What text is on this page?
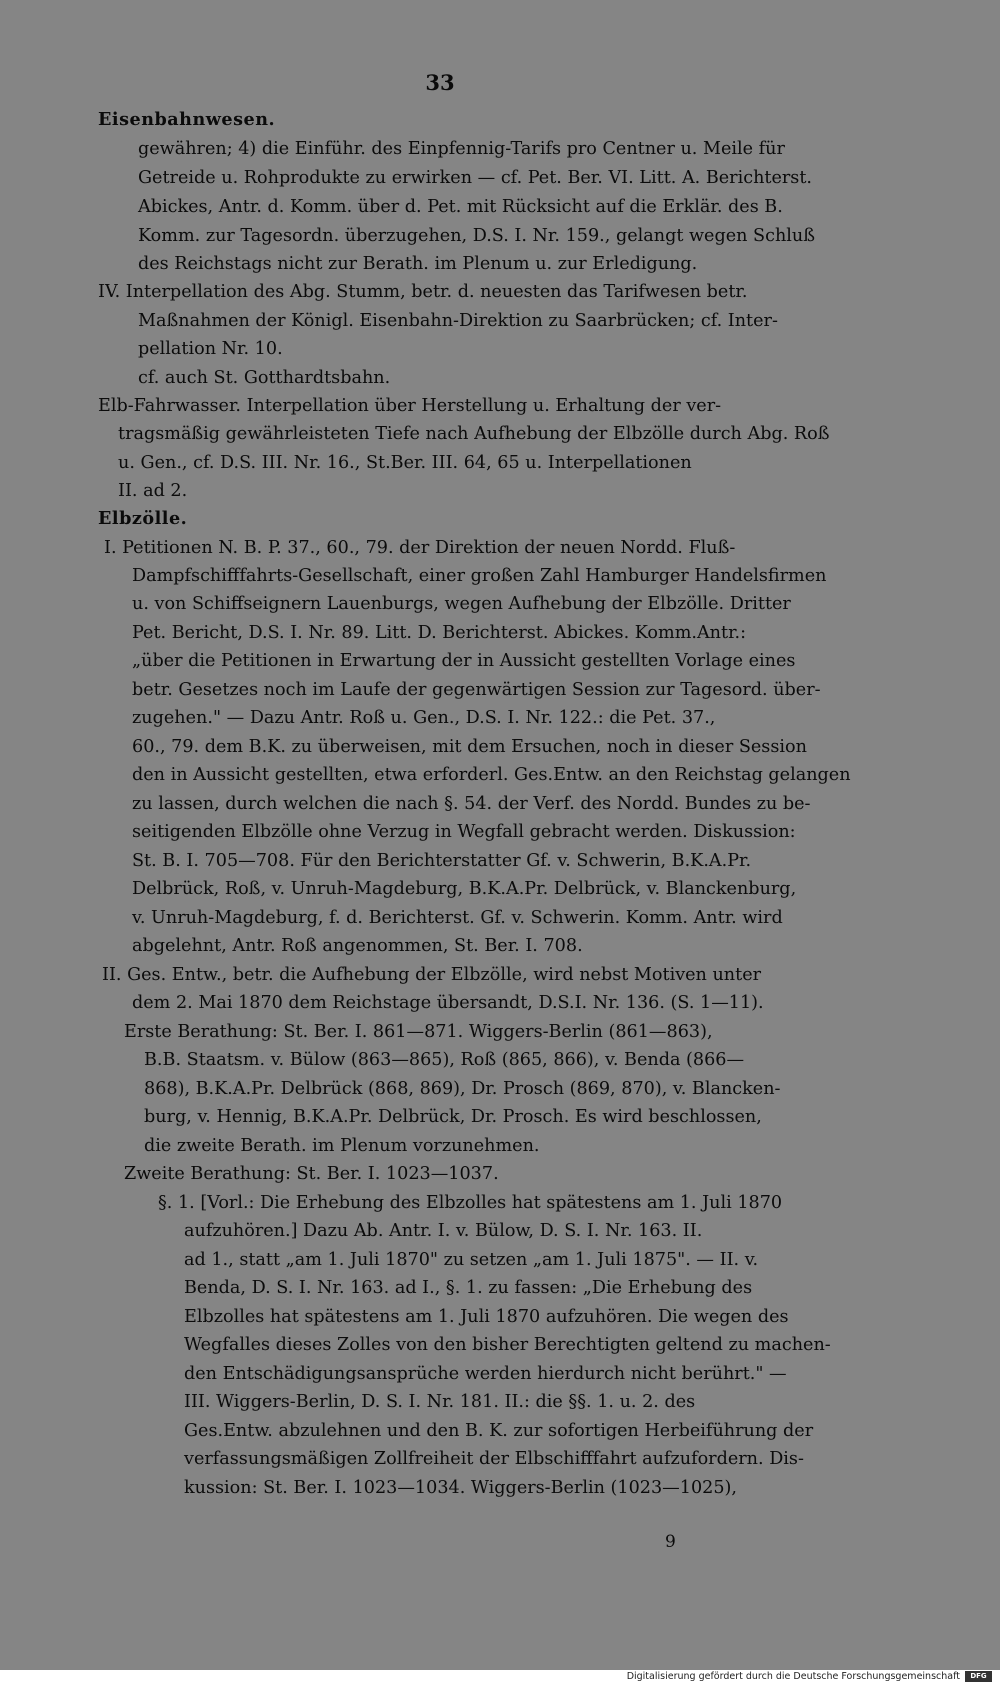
33
Eisenbahnwesen.
gewähren; 4) die Einführ. des Einpfennig-Tarifs pro Centner u. Meile für
Getreide u. Rohprodukte zu erwirken — cf. Pet. Ber. VI. Litt. A. Berichterst.
Abickes, Antr. d. Komm. über d. Pet. mit Rücksicht auf die Erklär. des B.
Komm. zur Tagesordn. überzugehen, D.S. I. Nr. 159., gelangt wegen Schluß
des Reichstags nicht zur Berath. im Plenum u. zur Erledigung.
IV. Interpellation des Abg. Stumm, betr. d. neuesten das Tarifwesen betr.
Maßnahmen der Königl. Eisenbahn-Direktion zu Saarbrücken; cf. Inter-
pellation Nr. 10.
cf. auch St. Gotthardtsbahn.
Elb-Fahrwasser. Interpellation über Herstellung u. Erhaltung der ver-
tragsmäßig gewährleisteten Tiefe nach Aufhebung der Elbzölle durch Abg. Roß
u. Gen., cf. D.S. III. Nr. 16., St.Ber. III. 64, 65 u. Interpellationen
II. ad 2.
Elbzölle.
I. Petitionen N. B. P. 37., 60., 79. der Direktion der neuen Nordd. Fluß-
Dampfschifffahrts-Gesellschaft, einer großen Zahl Hamburger Handelsfirmen
u. von Schiffseignern Lauenburgs, wegen Aufhebung der Elbzölle. Dritter
Pet. Bericht, D.S. I. Nr. 89. Litt. D. Berichterst. Abickes. Komm.Antr.:
„über die Petitionen in Erwartung der in Aussicht gestellten Vorlage eines
betr. Gesetzes noch im Laufe der gegenwärtigen Session zur Tagesord. über-
zugehen." — Dazu Antr. Roß u. Gen., D.S. I. Nr. 122.: die Pet. 37.,
60., 79. dem B.K. zu überweisen, mit dem Ersuchen, noch in dieser Session
den in Aussicht gestellten, etwa erforderl. Ges.Entw. an den Reichstag gelangen
zu lassen, durch welchen die nach §. 54. der Verf. des Nordd. Bundes zu be-
seitigenden Elbzölle ohne Verzug in Wegfall gebracht werden. Diskussion:
St. B. I. 705—708. Für den Berichterstatter Gf. v. Schwerin, B.K.A.Pr.
Delbrück, Roß, v. Unruh-Magdeburg, B.K.A.Pr. Delbrück, v. Blanckenburg,
v. Unruh-Magdeburg, f. d. Berichterst. Gf. v. Schwerin. Komm. Antr. wird
abgelehnt, Antr. Roß angenommen, St. Ber. I. 708.
II. Ges. Entw., betr. die Aufhebung der Elbzölle, wird nebst Motiven unter
dem 2. Mai 1870 dem Reichstage übersandt, D.S.I. Nr. 136. (S. 1—11).
Erste Berathung: St. Ber. I. 861—871. Wiggers-Berlin (861—863),
B.B. Staatsm. v. Bülow (863—865), Roß (865, 866), v. Benda (866—
868), B.K.A.Pr. Delbrück (868, 869), Dr. Prosch (869, 870), v. Blancken-
burg, v. Hennig, B.K.A.Pr. Delbrück, Dr. Prosch. Es wird beschlossen,
die zweite Berath. im Plenum vorzunehmen.
Zweite Berathung: St. Ber. I. 1023—1037.
§. 1. [Vorl.: Die Erhebung des Elbzolles hat spätestens am 1. Juli 1870
aufzuhören.] Dazu Ab. Antr. I. v. Bülow, D. S. I. Nr. 163. II.
ad 1., statt „am 1. Juli 1870" zu setzen „am 1. Juli 1875". — II. v.
Benda, D. S. I. Nr. 163. ad I., §. 1. zu fassen: „Die Erhebung des
Elbzolles hat spätestens am 1. Juli 1870 aufzuhören. Die wegen des
Wegfalles dieses Zolles von den bisher Berechtigten geltend zu machen-
den Entschädigungsansprüche werden hierdurch nicht berührt." —
III. Wiggers-Berlin, D. S. I. Nr. 181. II.: die §§. 1. u. 2. des
Ges.Entw. abzulehnen und den B. K. zur sofortigen Herbeiführung der
verfassungsmäßigen Zollfreiheit der Elbschifffahrt aufzufordern. Dis-
kussion: St. Ber. I. 1023—1034. Wiggers-Berlin (1023—1025),
9
Digitalisierung gefördert durch die Deutsche Forschungsgemeinschaft	DFG
